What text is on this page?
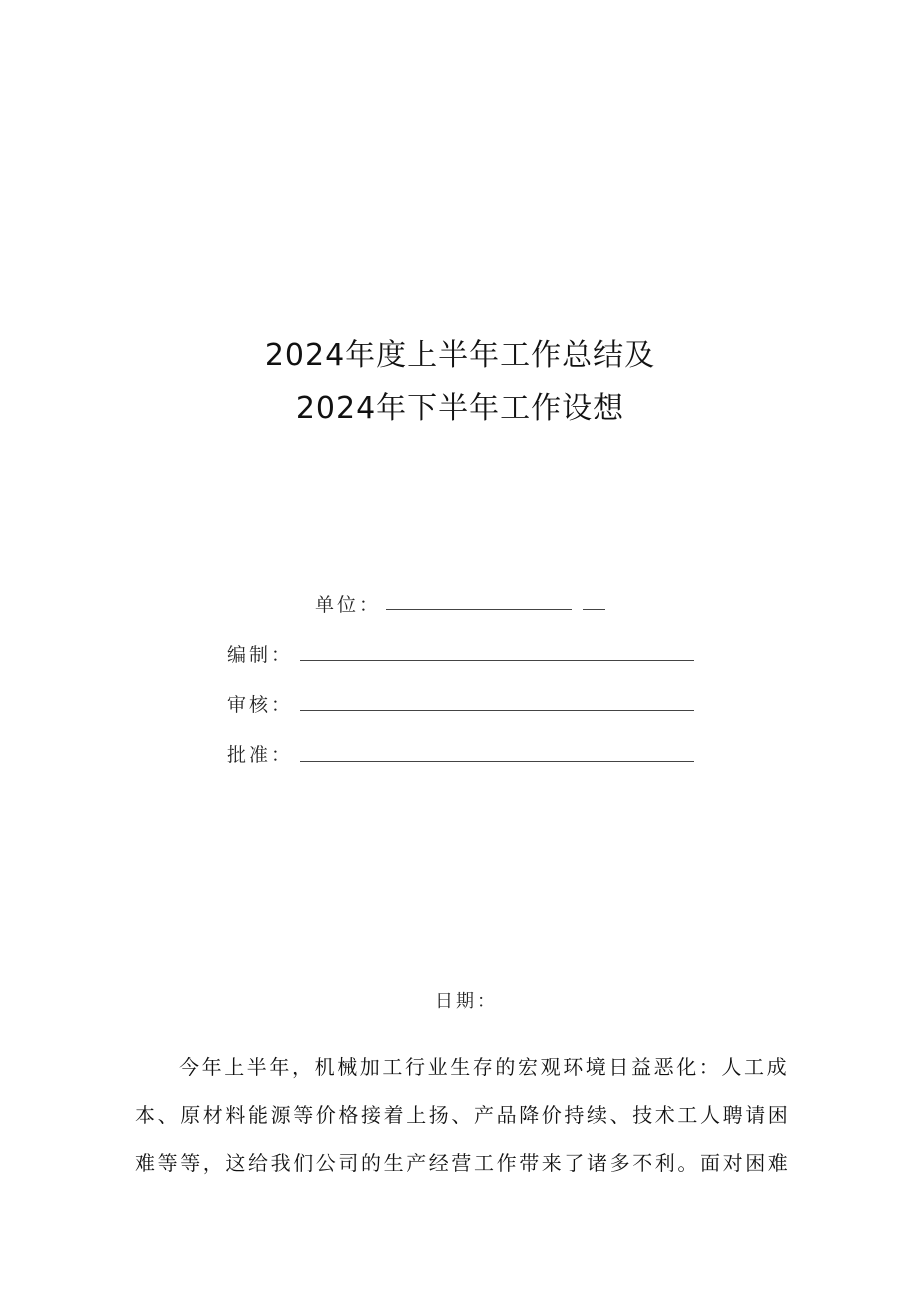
2024年度上半年工作总结及
2024年下半年工作设想
单位：
编制：
审核：
批准：
日期：
今年上半年，机械加工行业生存的宏观环境日益恶化：人工成
本、原材料能源等价格接着上扬、产品降价持续、技术工人聘请困
难等等，这给我们公司的生产经营工作带来了诸多不利。面对困难
